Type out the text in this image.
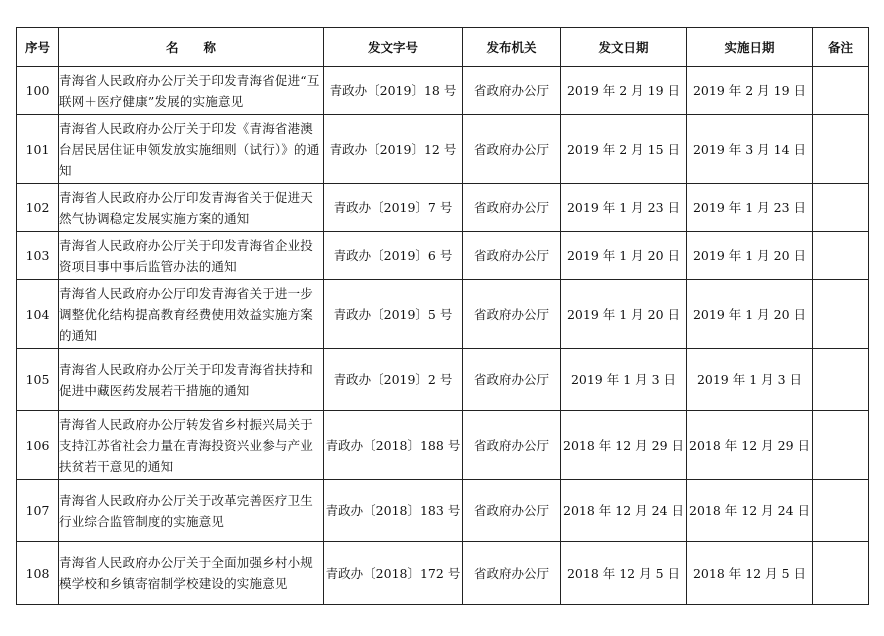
序号	名　　称	发文字号	发布机关	发文日期	实施日期	备注
100	青海省人民政府办公厅关于印发青海省促进“互联网＋医疗健康”发展的实施意见	青政办〔2019〕18 号	省政府办公厅	2019 年 2 月 19 日	2019 年 2 月 19 日	
101	青海省人民政府办公厅关于印发《青海省港澳台居民居住证申领发放实施细则（试行）》的通知	青政办〔2019〕12 号	省政府办公厅	2019 年 2 月 15 日	2019 年 3 月 14 日	
102	青海省人民政府办公厅印发青海省关于促进天然气协调稳定发展实施方案的通知	青政办〔2019〕7 号	省政府办公厅	2019 年 1 月 23 日	2019 年 1 月 23 日	
103	青海省人民政府办公厅关于印发青海省企业投资项目事中事后监管办法的通知	青政办〔2019〕6 号	省政府办公厅	2019 年 1 月 20 日	2019 年 1 月 20 日	
104	青海省人民政府办公厅印发青海省关于进一步调整优化结构提高教育经费使用效益实施方案的通知	青政办〔2019〕5 号	省政府办公厅	2019 年 1 月 20 日	2019 年 1 月 20 日	
105	青海省人民政府办公厅关于印发青海省扶持和促进中藏医药发展若干措施的通知	青政办〔2019〕2 号	省政府办公厅	2019 年 1 月 3 日	2019 年 1 月 3 日	
106	青海省人民政府办公厅转发省乡村振兴局关于支持江苏省社会力量在青海投资兴业参与产业扶贫若干意见的通知	青政办〔2018〕188 号	省政府办公厅	2018 年 12 月 29 日	2018 年 12 月 29 日	
107	青海省人民政府办公厅关于改革完善医疗卫生行业综合监管制度的实施意见	青政办〔2018〕183 号	省政府办公厅	2018 年 12 月 24 日	2018 年 12 月 24 日	
108	青海省人民政府办公厅关于全面加强乡村小规模学校和乡镇寄宿制学校建设的实施意见	青政办〔2018〕172 号	省政府办公厅	2018 年 12 月 5 日	2018 年 12 月 5 日	
